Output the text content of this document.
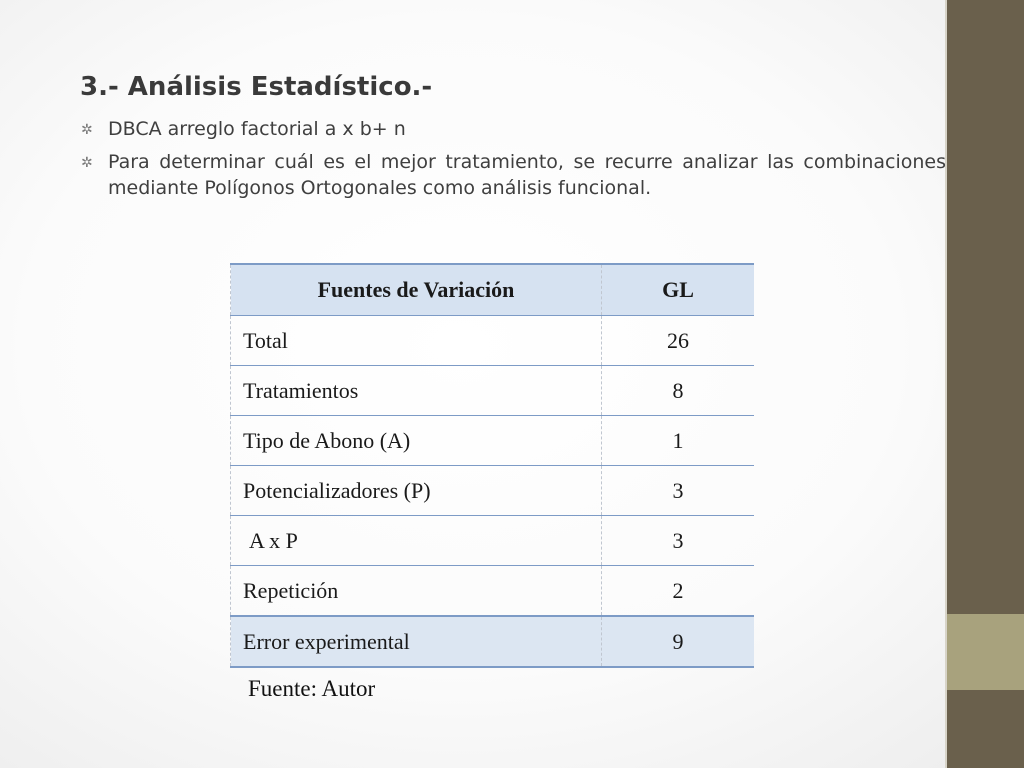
3.- Análisis Estadístico.-
✲ DBCA arreglo factorial a x b+ n
✲ Para determinar cuál es el mejor tratamiento, se recurre analizar las combinaciones mediante Polígonos Ortogonales como análisis funcional.
Fuentes de Variación	GL
Total	26
Tratamientos	8
Tipo de Abono (A)	1
Potencializadores (P)	3
A x P	3
Repetición	2
Error experimental	9
Fuente: Autor
